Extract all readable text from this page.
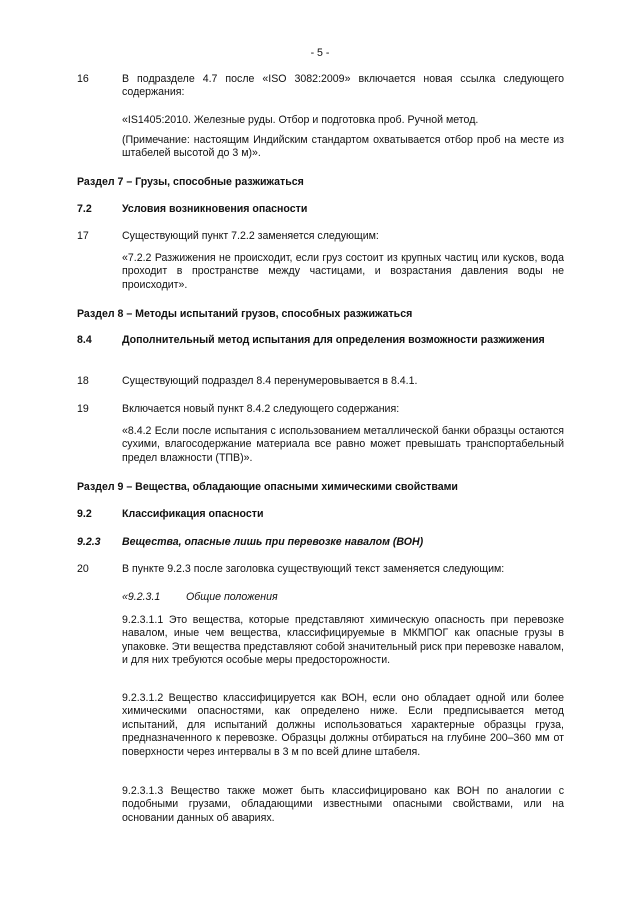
- 5 -
16	В подразделе 4.7 после «ISO 3082:2009» включается новая ссылка следующего содержания:
«IS1405:2010. Железные руды. Отбор и подготовка проб. Ручной метод.
(Примечание: настоящим Индийским стандартом охватывается отбор проб на месте из штабелей высотой до 3 м)».
Раздел 7 – Грузы, способные разжижаться
7.2	Условия возникновения опасности
17	Существующий пункт 7.2.2 заменяется следующим:
«7.2.2 Разжижения не происходит, если груз состоит из крупных частиц или кусков, вода проходит в пространстве между частицами, и возрастания давления воды не происходит».
Раздел 8 – Методы испытаний грузов, способных разжижаться
8.4	Дополнительный метод испытания для определения возможности разжижения
18	Существующий подраздел 8.4 перенумеровывается в 8.4.1.
19	Включается новый пункт 8.4.2 следующего содержания:
«8.4.2 Если после испытания с использованием металлической банки образцы остаются сухими, влагосодержание материала все равно может превышать транспортабельный предел влажности (ТПВ)».
Раздел 9 – Вещества, обладающие опасными химическими свойствами
9.2	Классификация опасности
9.2.3 Вещества, опасные лишь при перевозке навалом (ВОН)
20	В пункте 9.2.3 после заголовка существующий текст заменяется следующим:
«9.2.3.1 Общие положения
9.2.3.1.1 Это вещества, которые представляют химическую опасность при перевозке навалом, иные чем вещества, классифицируемые в МКМПОГ как опасные грузы в упаковке. Эти вещества представляют собой значительный риск при перевозке навалом, и для них требуются особые меры предосторожности.
9.2.3.1.2 Вещество классифицируется как ВОН, если оно обладает одной или более химическими опасностями, как определено ниже. Если предписывается метод испытаний, для испытаний должны использоваться характерные образцы груза, предназначенного к перевозке. Образцы должны отбираться на глубине 200–360 мм от поверхности через интервалы в 3 м по всей длине штабеля.
9.2.3.1.3 Вещество также может быть классифицировано как ВОН по аналогии с подобными грузами, обладающими известными опасными свойствами, или на основании данных об авариях.
